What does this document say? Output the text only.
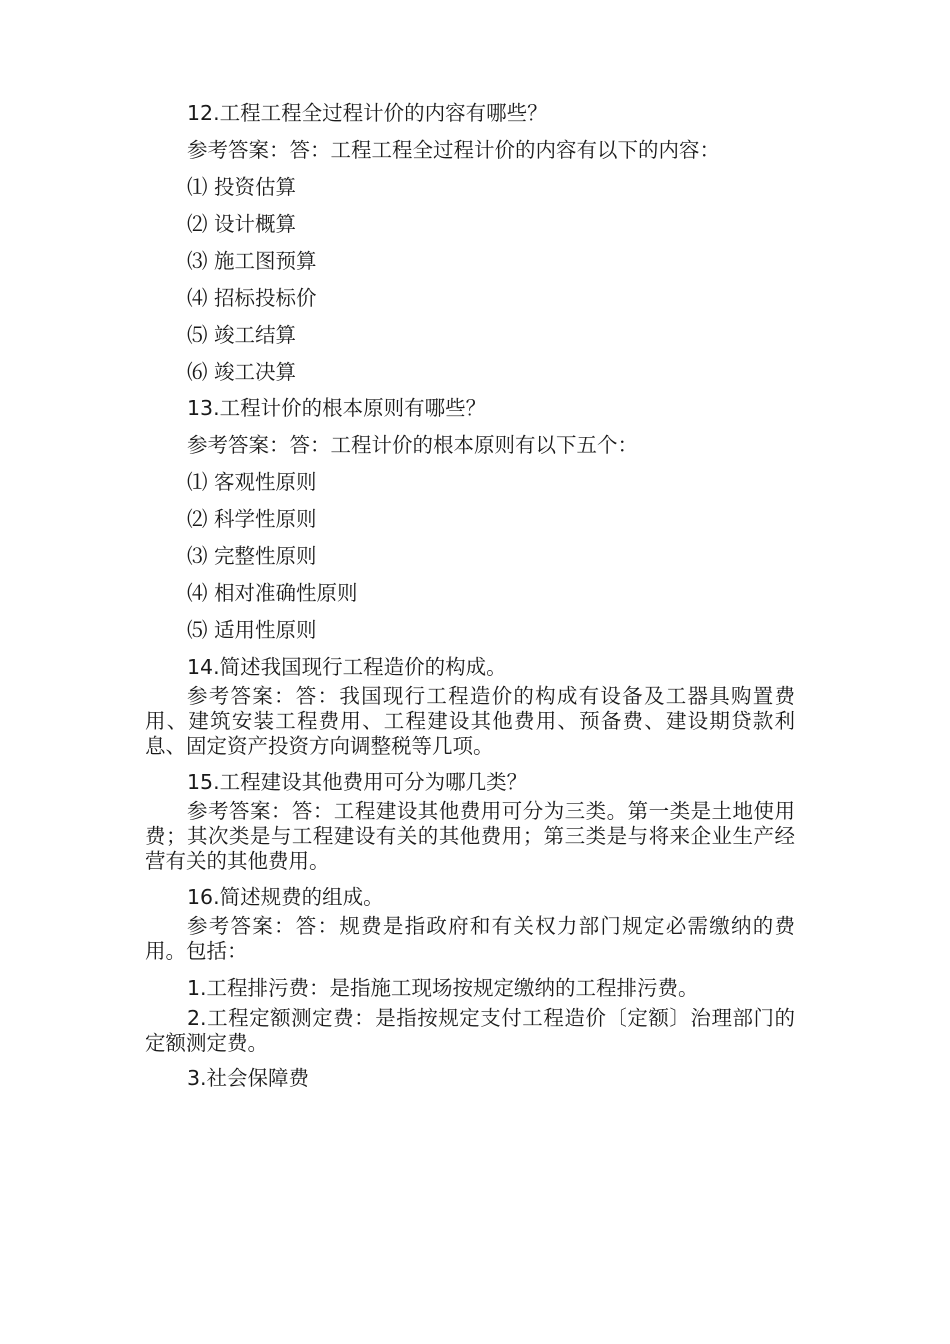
12.工程工程全过程计价的内容有哪些？
参考答案：答：工程工程全过程计价的内容有以下的内容：
⑴ 投资估算
⑵ 设计概算
⑶ 施工图预算
⑷ 招标投标价
⑸ 竣工结算
⑹ 竣工决算
13.工程计价的根本原则有哪些？
参考答案：答：工程计价的根本原则有以下五个：
⑴ 客观性原则
⑵ 科学性原则
⑶ 完整性原则
⑷ 相对准确性原则
⑸ 适用性原则
14.简述我国现行工程造价的构成。
参考答案：答：我国现行工程造价的构成有设备及工器具购置费用、建筑安装工程费用、工程建设其他费用、预备费、建设期贷款利息、固定资产投资方向调整税等几项。
15.工程建设其他费用可分为哪几类？
参考答案：答：工程建设其他费用可分为三类。第一类是土地使用费；其次类是与工程建设有关的其他费用；第三类是与将来企业生产经营有关的其他费用。
16.简述规费的组成。
参考答案：答：规费是指政府和有关权力部门规定必需缴纳的费用。包括：
1.工程排污费：是指施工现场按规定缴纳的工程排污费。
2.工程定额测定费：是指按规定支付工程造价〔定额〕治理部门的定额测定费。
3.社会保障费
